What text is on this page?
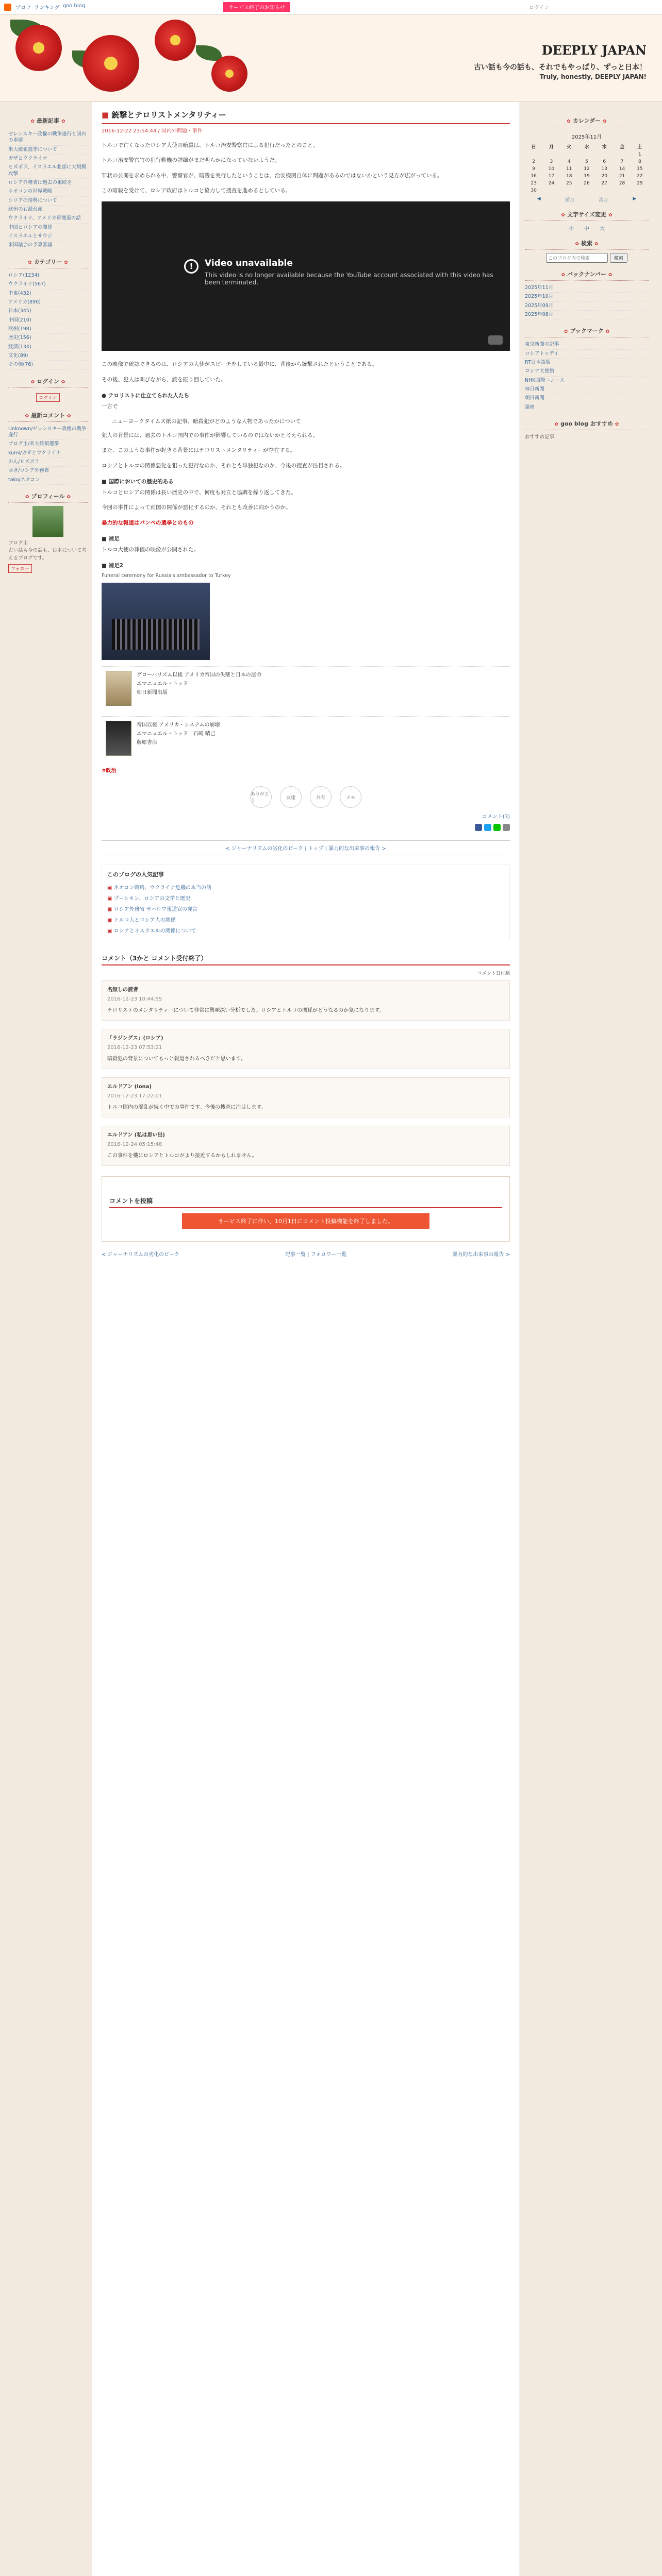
プロフ ランキング goo blog	サービス終了のお知らせ	ログイン
DEEPLY JAPAN
古い話も今の話も、それでもやっぱり、ずっと日本！
Truly, honestly, DEEPLY JAPAN!
✿ 最新記事 ✿
ゼレンスキー政権の戦争遂行と国内の事情
米大統領選挙について
ガザとウクライナ
ヒズボラ、イスラエル北部に大規模攻撃
ロシア外務省は過去の東欧を
ネオコンの世界戦略
シリアの情勢について
欧州の右派台頭
ウクライナ、アメリカ軍撤退の話
中国とロシアの関係
イスラエルとサウジ
米国議会の予算審議
✿ カテゴリー ✿
ロシア(1234)
ウクライナ(567)
中東(432)
アメリカ(890)
日本(345)
中国(210)
欧州(198)
歴史(156)
経済(134)
文化(89)
その他(76)
✿ ログイン ✿
ログイン
✿ 最新コメント ✿
Unknown/ゼレンスキー政権の戦争遂行
ブログ主/米大統領選挙
kumi/ガザとウクライナ
のん/ヒズボラ
ゆき/ロシア外務省
tako/ネオコン
✿ プロフィール ✿
ブログ主
古い話も今の話も、日本について考えるブログです。
フォロー
■ 銃撃とテロリストメンタリティー
2016-12-22 23:54:44 / 国内外問題・事件

トルコで亡くなったロシア大使の暗殺は、トルコ治安警察官による犯行だったとのこと。

トルコ治安警官官の犯行動機の詳細がまだ明らかになっていないようだ。

罪状の公開を求められる中、警察官が、暗殺を実行したということは、治安機関自体に問題があるのではないかという見方が広がっている。

この暗殺を受けて、ロシア政府はトルコと協力して捜査を進めるとしている。

!	Video unavailable
This video is no longer available because the YouTube account associated with this video has been terminated.

この映像で確認できるのは、ロシアの大使がスピーチをしている最中に、背後から銃撃されたということである。

その後、犯人は叫びながら、銃を振り回していた。

● テロリストに仕立てられた人たち

一言で

ニューヨークタイムズ紙の記事、暗殺犯がどのような人物であったかについて

犯人の背景には、過去のトルコ国内での事件が影響しているのではないかと考えられる。

また、このような事件が起きる背景にはテロリストメンタリティーが存在する。

ロシアとトルコの関係悪化を狙った犯行なのか、それとも単独犯なのか、今後の捜査が注目される。

■ 国際においての歴史的ある

トルコとロシアの関係は長い歴史の中で、何度も対立と協調を繰り返してきた。

今回の事件によって両国の関係が悪化するのか、それとも改善に向かうのか。

暴力的な報道はパンペの選挙とのもの

■ 補足

トルコ大使の葬儀の映像が公開された。

■ 補足2
Funeral ceremony for Russia's ambassador to Turkey
グローバリズム以後 アメリカ帝国の失墜と日本の運命
エマニュエル・トッド
朝日新聞出版
帝国以後 アメリカ・システムの崩壊
エマニュエル・トッド　石崎 晴己
藤原書店
#政治
ありがとう
友達	共有	メモ
コメント(3)
< ジャーナリズムの劣化のピーク | トップ | 暴力的な出来事の報告 >
このブログの人気記事
▣ ネオコン戦略、ウクライナ危機の本当の話
▣ プーシキン、ロシアの文学と歴史
▣ ロシア外務省 ザハロワ報道官の発言
▣ トルコ人とロシア人の関係
▣ ロシアとイスラエルの関係について
コメント（3かと コメント受付終了）
コメント日付順
名無しの読者
2016-12-23 10:44:55
テロリストのメンタリティーについて非常に興味深い分析でした。ロシアとトルコの関係がどうなるのか気になります。
「ラジングス」(ロシア)
2016-12-23 07:53:21
暗殺犯の背景についてもっと報道されるべきだと思います。
エルドアン (lona)
2016-12-23 17:22:01
トルコ国内の混乱が続く中での事件です。今後の捜査に注目します。
エルドアン (私は思い出)
2016-12-24 05:15:48
この事件を機にロシアとトルコがより接近するかもしれません。
コメントを投稿
サービス終了に伴い、10月1日にコメント投稿機能を終了しました。
< ジャーナリズムの劣化のピーク	記事一覧 | フォロワー一覧	暴力的な出来事の報告 >
✿ カレンダー ✿
2025年11月
日	月	火	水	木	金	土
						1
2	3	4	5	6	7	8
9	10	11	12	13	14	15
16	17	18	19	20	21	22
23	24	25	26	27	28	29
30						
◀	前月	次月	▶
✿ 文字サイズ変更 ✿
小 中 大
✿ 検索 ✿
このブログ内で検索
検索
✿ バックナンバー ✿
2025年11月
2025年10月
2025年09月
2025年08月
✿ ブックマーク ✿
東京新聞の記事
ロシアトゥデイ
RT日本語版
ロシア大使館
NHK国際ニュース
毎日新聞
朝日新聞
論座
✿ goo blog おすすめ ✿
おすすめ記事
